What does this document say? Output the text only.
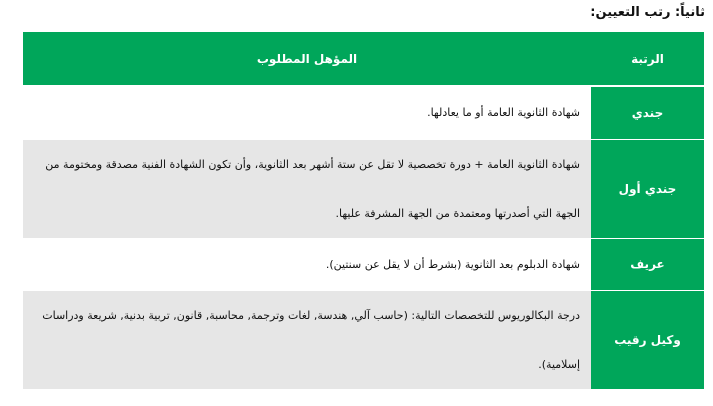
ثانياً: رتب التعيين:
الرتبة	المؤهل المطلوب

جندي	شهادة الثانوية العامة أو ما يعادلها.
جندي أول	شهادة الثانوية العامة + دورة تخصصية لا تقل عن ستة أشهر بعد الثانوية، وأن تكون الشهادة الفنية مصدقة ومختومة من الجهة التي أصدرتها ومعتمدة من الجهة المشرفة عليها.
عريف	شهادة الدبلوم بعد الثانوية (بشرط أن لا يقل عن سنتين).
وكيل رقيب	درجة البكالوريوس للتخصصات التالية: (حاسب آلي, هندسة, لغات وترجمة, محاسبة, قانون, تربية بدنية, شريعة ودراسات إسلامية).
